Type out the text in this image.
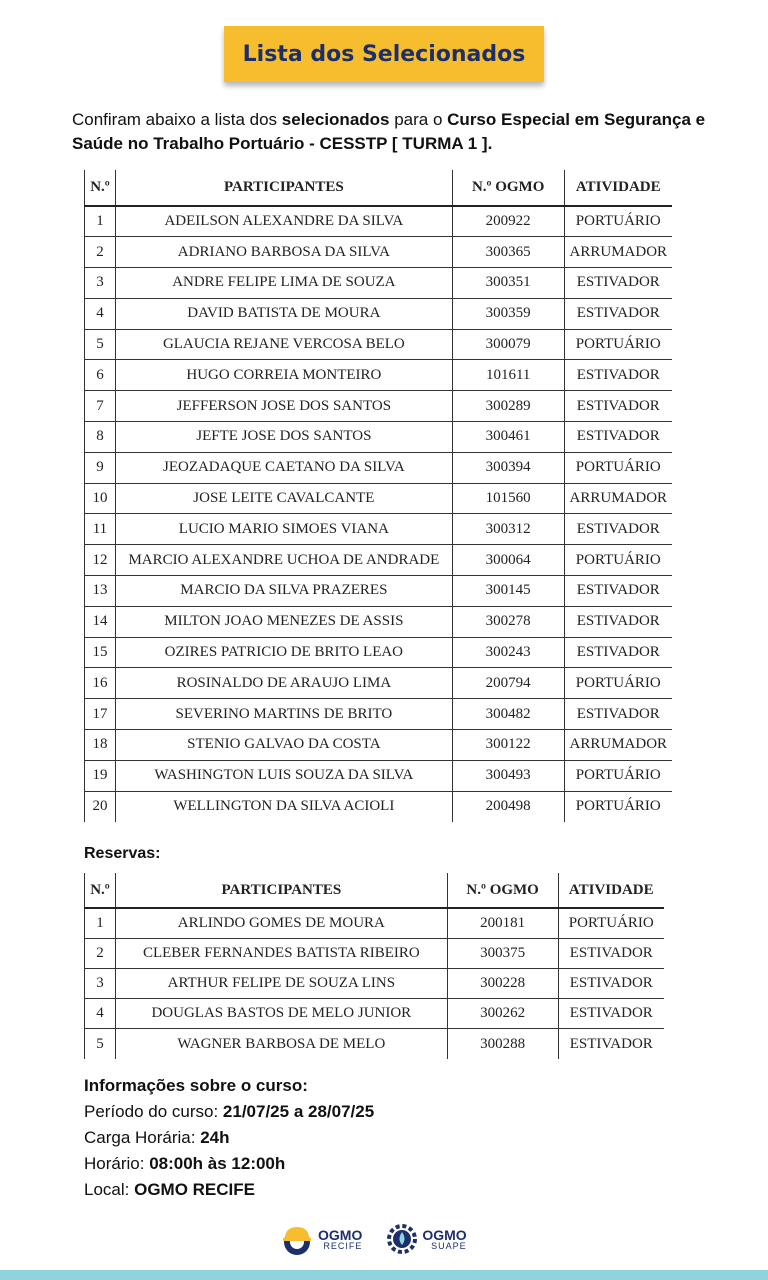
Lista dos Selecionados

Confiram abaixo a lista dos selecionados para o Curso Especial em Segurança e Saúde no Trabalho Portuário - CESSTP [ TURMA 1 ].

N.º	PARTICIPANTES	N.º OGMO	ATIVIDADE
1	ADEILSON ALEXANDRE DA SILVA	200922	PORTUÁRIO
2	ADRIANO BARBOSA DA SILVA	300365	ARRUMADOR
3	ANDRE FELIPE LIMA DE SOUZA	300351	ESTIVADOR
4	DAVID BATISTA DE MOURA	300359	ESTIVADOR
5	GLAUCIA REJANE VERCOSA BELO	300079	PORTUÁRIO
6	HUGO CORREIA MONTEIRO	101611	ESTIVADOR
7	JEFFERSON JOSE DOS SANTOS	300289	ESTIVADOR
8	JEFTE JOSE DOS SANTOS	300461	ESTIVADOR
9	JEOZADAQUE CAETANO DA SILVA	300394	PORTUÁRIO
10	JOSE LEITE CAVALCANTE	101560	ARRUMADOR
11	LUCIO MARIO SIMOES VIANA	300312	ESTIVADOR
12	MARCIO ALEXANDRE UCHOA DE ANDRADE	300064	PORTUÁRIO
13	MARCIO DA SILVA PRAZERES	300145	ESTIVADOR
14	MILTON JOAO MENEZES DE ASSIS	300278	ESTIVADOR
15	OZIRES PATRICIO DE BRITO LEAO	300243	ESTIVADOR
16	ROSINALDO DE ARAUJO LIMA	200794	PORTUÁRIO
17	SEVERINO MARTINS DE BRITO	300482	ESTIVADOR
18	STENIO GALVAO DA COSTA	300122	ARRUMADOR
19	WASHINGTON LUIS SOUZA DA SILVA	300493	PORTUÁRIO
20	WELLINGTON DA SILVA ACIOLI	200498	PORTUÁRIO
Reservas:
N.º	PARTICIPANTES	N.º OGMO	ATIVIDADE
1	ARLINDO GOMES DE MOURA	200181	PORTUÁRIO
2	CLEBER FERNANDES BATISTA RIBEIRO	300375	ESTIVADOR
3	ARTHUR FELIPE DE SOUZA LINS	300228	ESTIVADOR
4	DOUGLAS BASTOS DE MELO JUNIOR	300262	ESTIVADOR
5	WAGNER BARBOSA DE MELO	300288	ESTIVADOR
Informações sobre o curso:
Período do curso: 21/07/25 a 28/07/25
Carga Horária: 24h
Horário: 08:00h às 12:00h
Local: OGMO RECIFE
OGMO
RECIFE
OGMO
SUAPE
